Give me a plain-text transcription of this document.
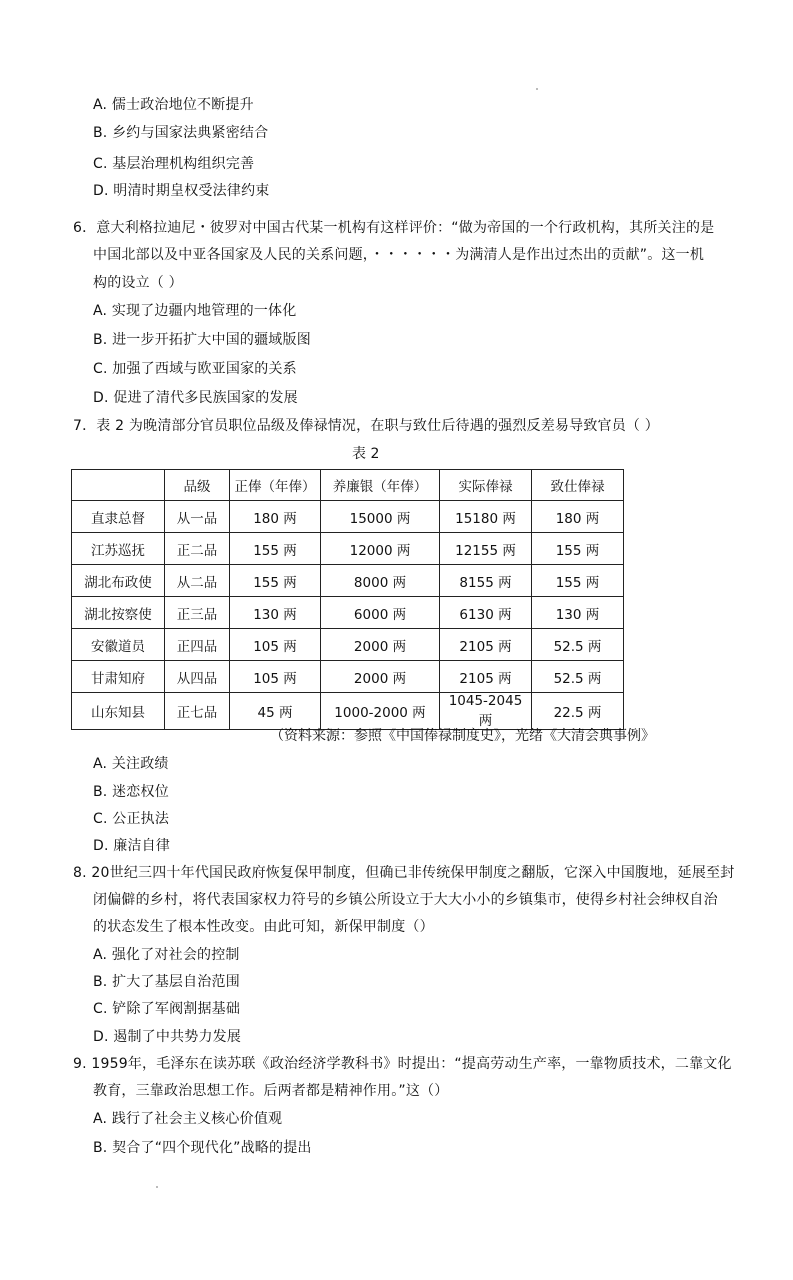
A. 儒士政治地位不断提升
B. 乡约与国家法典紧密结合
C. 基层治理机构组织完善
D. 明清时期皇权受法律约束
6．意大利格拉迪尼・彼罗对中国古代某一机构有这样评价：“做为帝国的一个行政机构，其所关注的是
中国北部以及中亚各国家及人民的关系问题，・・・・・・为满清人是作出过杰出的贡献”。这一机
构的设立（ ）
A. 实现了边疆内地管理的一体化
B. 进一步开拓扩大中国的疆域版图
C. 加强了西域与欧亚国家的关系
D. 促进了清代多民族国家的发展
7．表 2 为晚清部分官员职位品级及俸禄情况，在职与致仕后待遇的强烈反差易导致官员（ ）
表 2
	品级	正俸（年俸）	养廉银（年俸）	实际俸禄	致仕俸禄
直隶总督	从一品	180 两	15000 两	15180 两	180 两
江苏巡抚	正二品	155 两	12000 两	12155 两	155 两
湖北布政使	从二品	155 两	8000 两	8155 两	155 两
湖北按察使	正三品	130 两	6000 两	6130 两	130 两
安徽道员	正四品	105 两	2000 两	2105 两	52.5 两
甘肃知府	从四品	105 两	2000 两	2105 两	52.5 两
山东知县	正七品	45 两	1000-2000 两	1045-2045 两	22.5 两
（资料来源：参照《中国俸禄制度史》，光绪《大清会典事例》
A. 关注政绩
B. 迷恋权位
C. 公正执法
D. 廉洁自律
8. 20世纪三四十年代国民政府恢复保甲制度，但确已非传统保甲制度之翻版，它深入中国腹地，延展至封
闭偏僻的乡村，将代表国家权力符号的乡镇公所设立于大大小小的乡镇集市，使得乡村社会绅权自治
的状态发生了根本性改变。由此可知，新保甲制度（）
A. 强化了对社会的控制
B. 扩大了基层自治范围
C. 铲除了军阀割据基础
D. 遏制了中共势力发展
9. 1959年，毛泽东在读苏联《政治经济学教科书》时提出：“提高劳动生产率，一靠物质技术，二靠文化
教育，三靠政治思想工作。后两者都是精神作用。”这（）
A. 践行了社会主义核心价值观
B. 契合了“四个现代化”战略的提出
